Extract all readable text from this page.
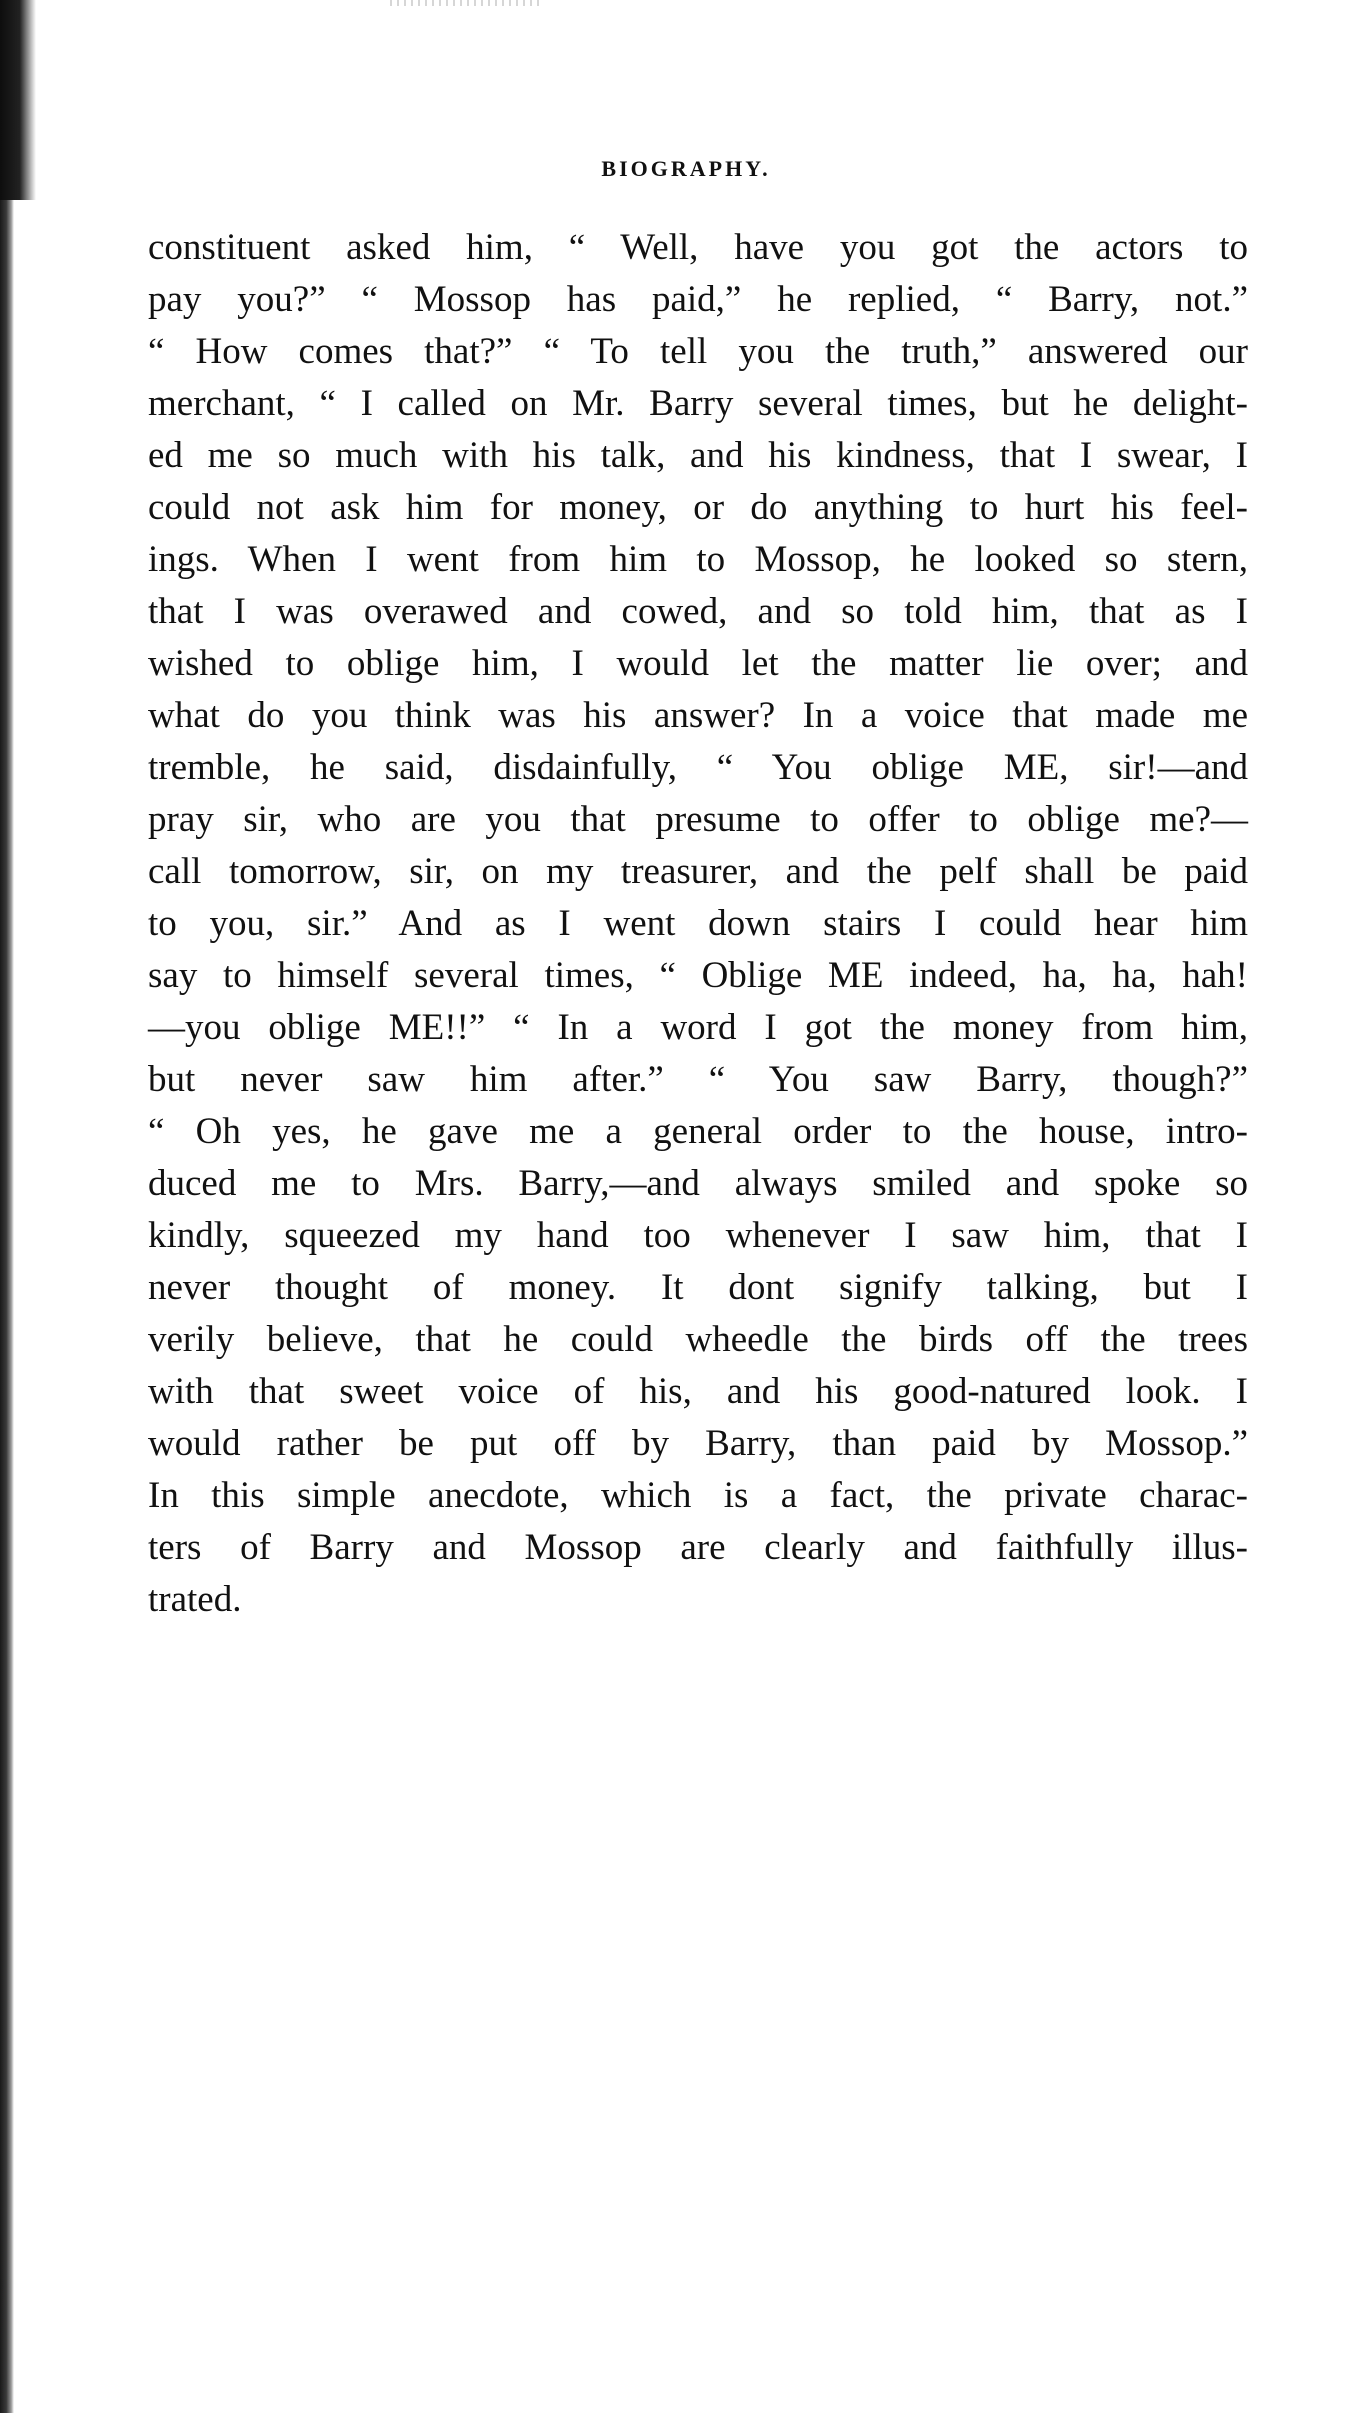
BIOGRAPHY.
constituent asked him, “ Well, have you got the actors to
pay you?” “ Mossop has paid,” he replied, “ Barry, not.”
“ How comes that?” “ To tell you the truth,” answered our
merchant, “ I called on Mr. Barry several times, but he delight-
ed me so much with his talk, and his kindness, that I swear, I
could not ask him for money, or do anything to hurt his feel-
ings. When I went from him to Mossop, he looked so stern,
that I was overawed and cowed, and so told him, that as I
wished to oblige him, I would let the matter lie over; and
what do you think was his answer? In a voice that made me
tremble, he said, disdainfully, “ You oblige ME, sir!—and
pray sir, who are you that presume to offer to oblige me?—
call tomorrow, sir, on my treasurer, and the pelf shall be paid
to you, sir.” And as I went down stairs I could hear him
say to himself several times, “ Oblige ME indeed, ha, ha, hah!
—you oblige ME!!” “ In a word I got the money from him,
but never saw him after.” “ You saw Barry, though?”
“ Oh yes, he gave me a general order to the house, intro-
duced me to Mrs. Barry,—and always smiled and spoke so
kindly, squeezed my hand too whenever I saw him, that I
never thought of money. It dont signify talking, but I
verily believe, that he could wheedle the birds off the trees
with that sweet voice of his, and his good-natured look. I
would rather be put off by Barry, than paid by Mossop.”
In this simple anecdote, which is a fact, the private charac-
ters of Barry and Mossop are clearly and faithfully illus-
trated.
